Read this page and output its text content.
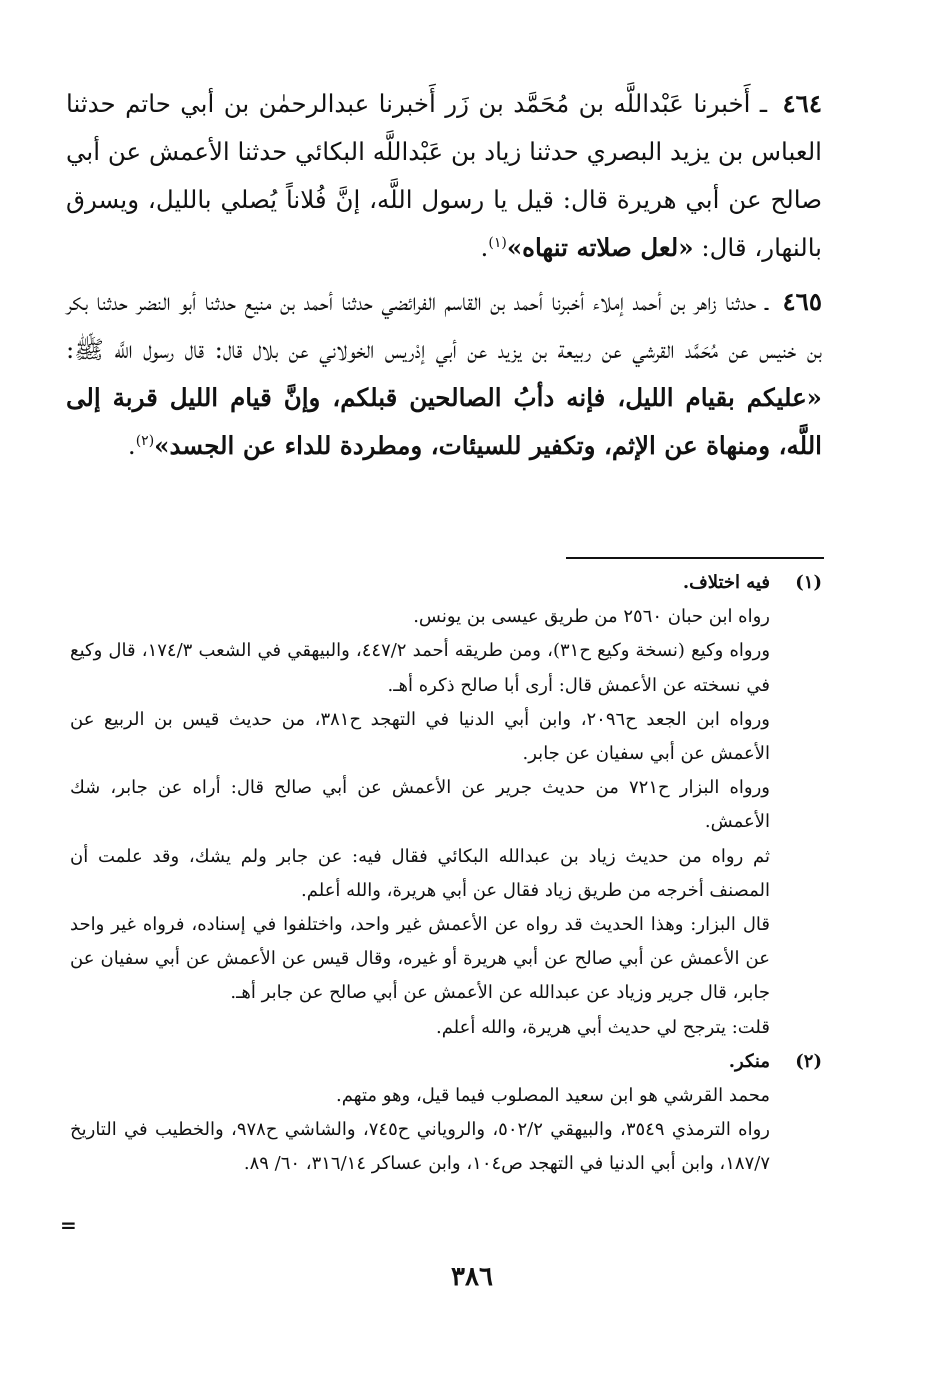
٤٦٤ ـ أَخبرنا عَبْداللَّه بن مُحَمَّد بن زَر أَخبرنا عبدالرحمٰن بن أبي حاتم حدثنا العباس بن يزيد البصري حدثنا زياد بن عَبْداللَّه البكائي حدثنا الأعمش عن أبي صالح عن أبي هريرة قال: قيل يا رسول اللَّه، إنَّ فُلاناً يُصلي بالليل، ويسرق بالنهار، قال: «لعل صلاته تنهاه»$^{(١)}$.

٤٦٥ ـ حدثنا زاهر بن أحمد إملاء أخبرنا أحمد بن القاسم الفرائضي حدثنا أحمد بن منيع حدثنا أبو النضر حدثنا بكر بن خنيس عن مُحَمَّد القرشي عن ربيعة بن يزيد عن أبي إدْريس الخولاني عن بلال قال: قال رسول اللَّه ﷺ: «عليكم بقيام الليل، فإنه دأبُ الصالحين قبلكم، وإنَّ قيام الليل قربة إلى اللَّه، ومنهاة عن الإثم، وتكفير للسيئات، ومطردة للداء عن الجسد»$^{(٢)}$.

(١)
فيه اختلاف.

رواه ابن حبان ٢٥٦٠ من طريق عيسى بن يونس.

ورواه وكيع (نسخة وكيع ح٣١)، ومن طريقه أحمد ٤٤٧/٢، والبيهقي في الشعب ١٧٤/٣، قال وكيع في نسخته عن الأعمش قال: أرى أبا صالح ذكره أهـ.

ورواه ابن الجعد ح٢٠٩٦، وابن أبي الدنيا في التهجد ح٣٨١، من حديث قيس بن الربيع عن الأعمش عن أبي سفيان عن جابر.

ورواه البزار ح٧٢١ من حديث جرير عن الأعمش عن أبي صالح قال: أراه عن جابر، شك الأعمش.

ثم رواه من حديث زياد بن عبدالله البكائي فقال فيه: عن جابر ولم يشك، وقد علمت أن المصنف أخرجه من طريق زياد فقال عن أبي هريرة، والله أعلم.

قال البزار: وهذا الحديث قد رواه عن الأعمش غير واحد، واختلفوا في إسناده، فرواه غير واحد عن الأعمش عن أبي صالح عن أبي هريرة أو غيره، وقال قيس عن الأعمش عن أبي سفيان عن جابر، قال جرير وزياد عن عبدالله عن الأعمش عن أبي صالح عن جابر أهـ.

قلت: يترجح لي حديث أبي هريرة، والله أعلم.

(٢)
منكر.

محمد القرشي هو ابن سعيد المصلوب فيما قيل، وهو متهم.

رواه الترمذي ٣٥٤٩، والبيهقي ٥٠٢/٢، والروياني ح٧٤٥، والشاشي ح٩٧٨، والخطيب في التاريخ ١٨٧/٧، وابن أبي الدنيا في التهجد ص١٠٤، وابن عساكر ٣١٦/١٤، ٦٠/ ٨٩.

=
٣٨٦
